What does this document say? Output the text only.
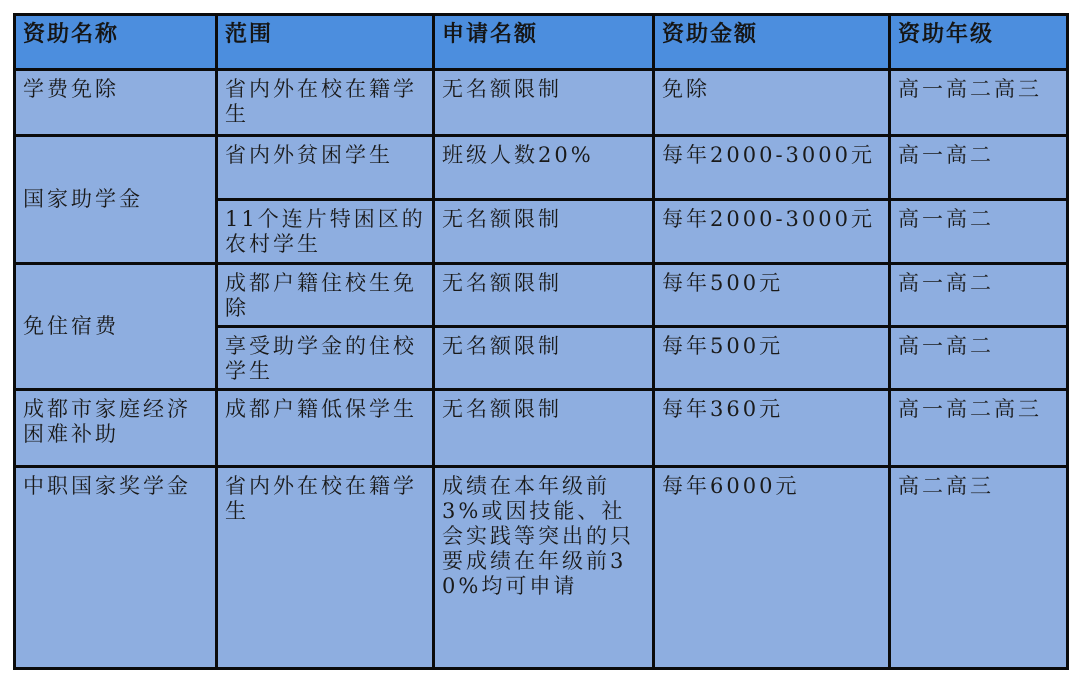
资助名称	范围	申请名额	资助金额	资助年级
学费免除	省内外在校在籍学生	无名额限制	免除	高一高二高三
国家助学金	省内外贫困学生	班级人数20%	每年2000-3000元	高一高二
	11个连片特困区的农村学生	无名额限制	每年2000-3000元	高一高二
免住宿费	成都户籍住校生免除	无名额限制	每年500元	高一高二
	享受助学金的住校学生	无名额限制	每年500元	高一高二
成都市家庭经济困难补助	成都户籍低保学生	无名额限制	每年360元	高一高二高三
中职国家奖学金	省内外在校在籍学生	成绩在本年级前3%或因技能、社会实践等突出的只要成绩在年级前30%均可申请	每年6000元	高二高三
